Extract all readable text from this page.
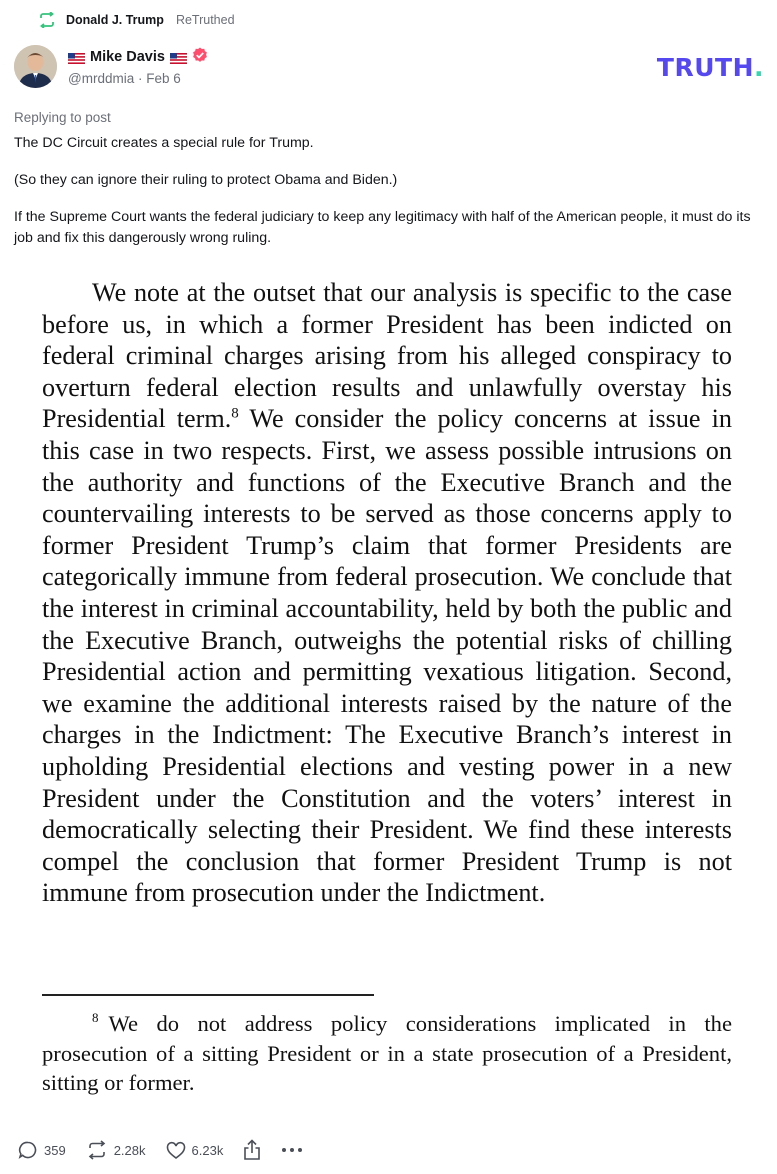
Donald J. Trump ReTruthed
Mike Davis
@mrddmia · Feb 6	TRUTH.
Replying to post
The DC Circuit creates a special rule for Trump.
(So they can ignore their ruling to protect Obama and Biden.)
If the Supreme Court wants the federal judiciary to keep any legitimacy with half of the American people, it must do its job and fix this dangerously wrong ruling.
We note at the outset that our analysis is specific to the case before us, in which a former President has been indicted on federal criminal charges arising from his alleged conspiracy to overturn federal election results and unlawfully overstay his Presidential term.$^8$ We consider the policy concerns at issue in this case in two respects. First, we assess possible intrusions on the authority and functions of the Executive Branch and the countervailing interests to be served as those concerns apply to former President Trump’s claim that former Presidents are categorically immune from federal prosecution. We conclude that the interest in criminal accountability, held by both the public and the Executive Branch, outweighs the potential risks of chilling Presidential action and permitting vexatious litigation. Second, we examine the additional interests raised by the nature of the charges in the Indictment: The Executive Branch’s interest in upholding Presidential elections and vesting power in a new President under the Constitution and the voters’ interest in democratically selecting their President. We find these interests compel the conclusion that former President Trump is not immune from prosecution under the Indictment.
$^8$ We do not address policy considerations implicated in the prosecution of a sitting President or in a state prosecution of a President, sitting or former.
359	2.28k	6.23k
